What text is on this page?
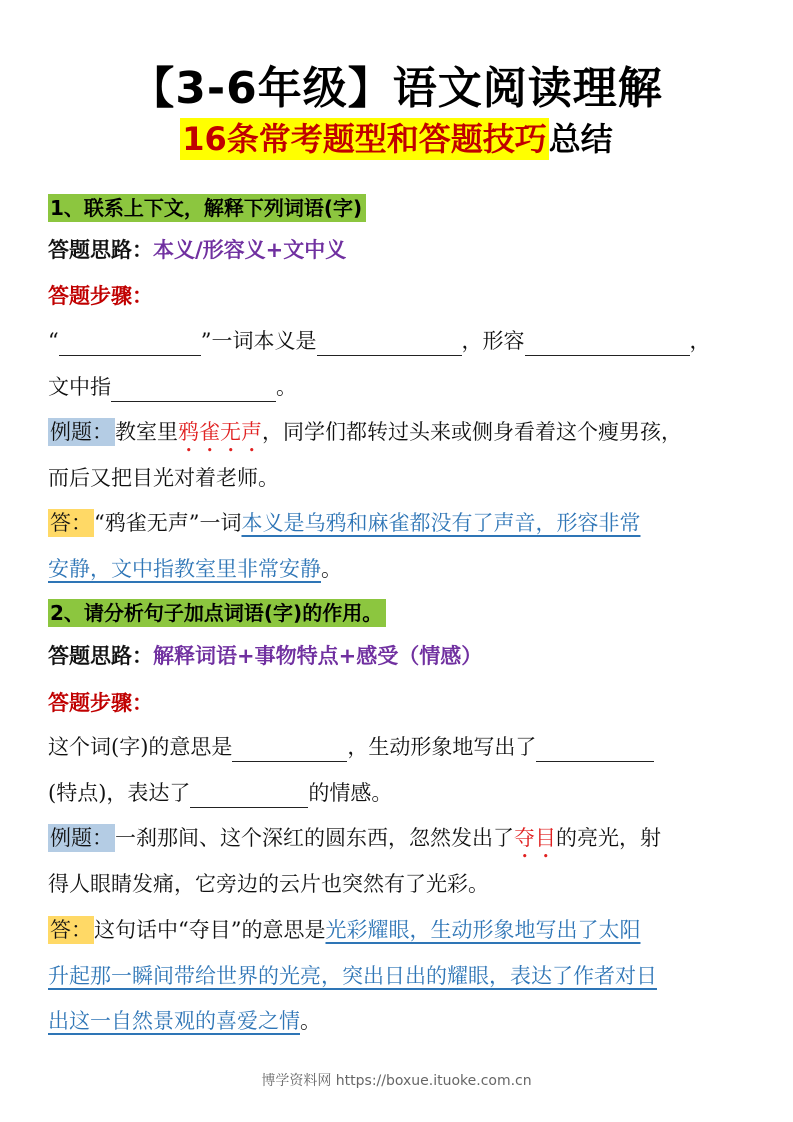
【3-6年级】语文阅读理解
16条常考题型和答题技巧总结
1、联系上下文，解释下列词语(字)
答题思路：本义/形容义+文中义
答题步骤：
“	”一词本义是	，形容	，
文中指	。
例题：教室里鸦雀无声，同学们都转过头来或侧身看着这个瘦男孩，
而后又把目光对着老师。
答：“鸦雀无声”一词本义是乌鸦和麻雀都没有了声音，形容非常
安静，文中指教室里非常安静。
2、请分析句子加点词语(字)的作用。
答题思路：解释词语+事物特点+感受（情感）
答题步骤：
这个词(字)的意思是	，生动形象地写出了
(特点)，表达了	的情感。
例题：一刹那间、这个深红的圆东西，忽然发出了夺目的亮光，射
得人眼睛发痛，它旁边的云片也突然有了光彩。
答：这句话中“夺目”的意思是光彩耀眼，生动形象地写出了太阳
升起那一瞬间带给世界的光亮，突出日出的耀眼，表达了作者对日
出这一自然景观的喜爱之情。
博学资料网 https://boxue.ituoke.com.cn
